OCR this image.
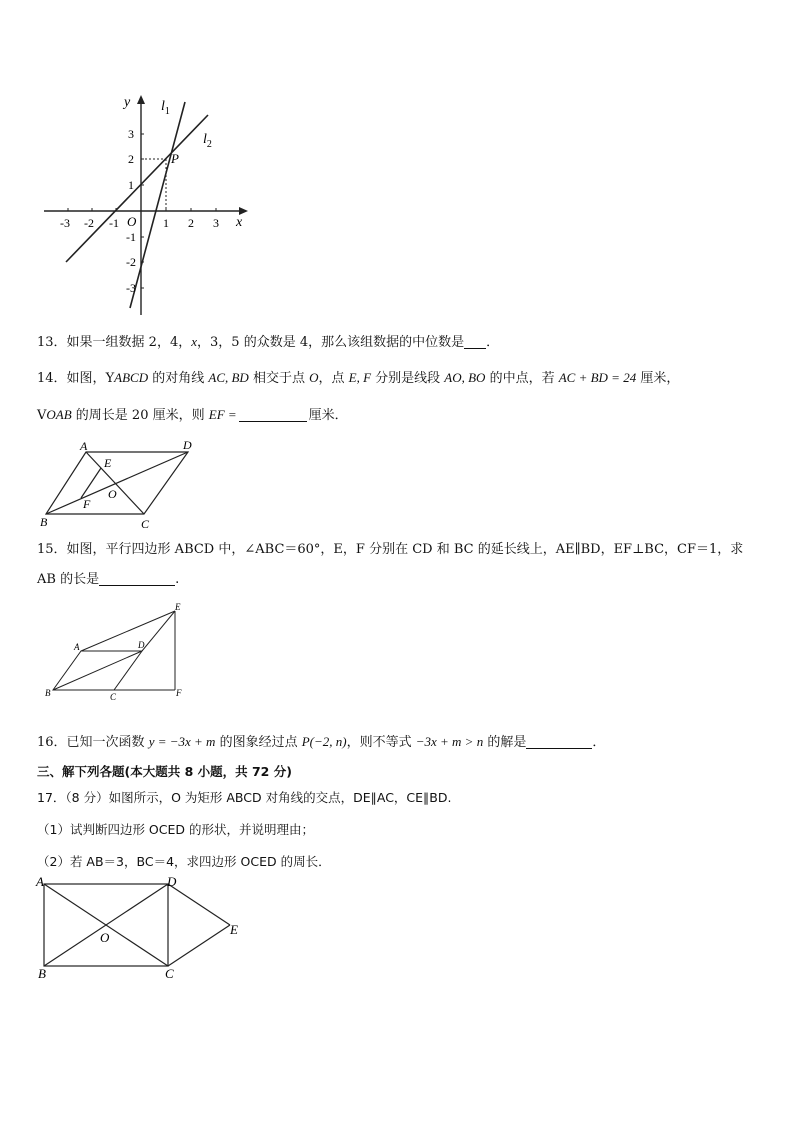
y
x
O
$l_1$
$l_2$
P
-3 -2 -1	1 2 3
3
2
1
-1
-2
-3
13．如果一组数据 2，4，x，3，5 的众数是 4，那么该组数据的中位数是 ．
14．如图，YABCD 的对角线 AC, BD 相交于点 O，点 E, F 分别是线段 AO, BO 的中点，若 AC + BD = 24 厘米，
VOAB 的周长是 20 厘米，则 EF =	厘米．
A	D
E
O
F
B	C
15．如图，平行四边形 ABCD 中，∠ABC＝60°，E，F 分别在 CD 和 BC 的延长线上，AE∥BD，EF⊥BC，CF＝1，求
AB 的长是	.
A	D
E
B	C	F
16．已知一次函数 y = −3x + m 的图象经过点 P(−2, n)，则不等式 −3x + m > n 的解是	．
三、解下列各题(本大题共 8 小题，共 72 分)
17．（8 分）如图所示，O 为矩形 ABCD 对角线的交点，DE∥AC，CE∥BD.
（1）试判断四边形 OCED 的形状，并说明理由；
（2）若 AB＝3，BC＝4，求四边形 OCED 的周长．
A	D
O
E
B	C
